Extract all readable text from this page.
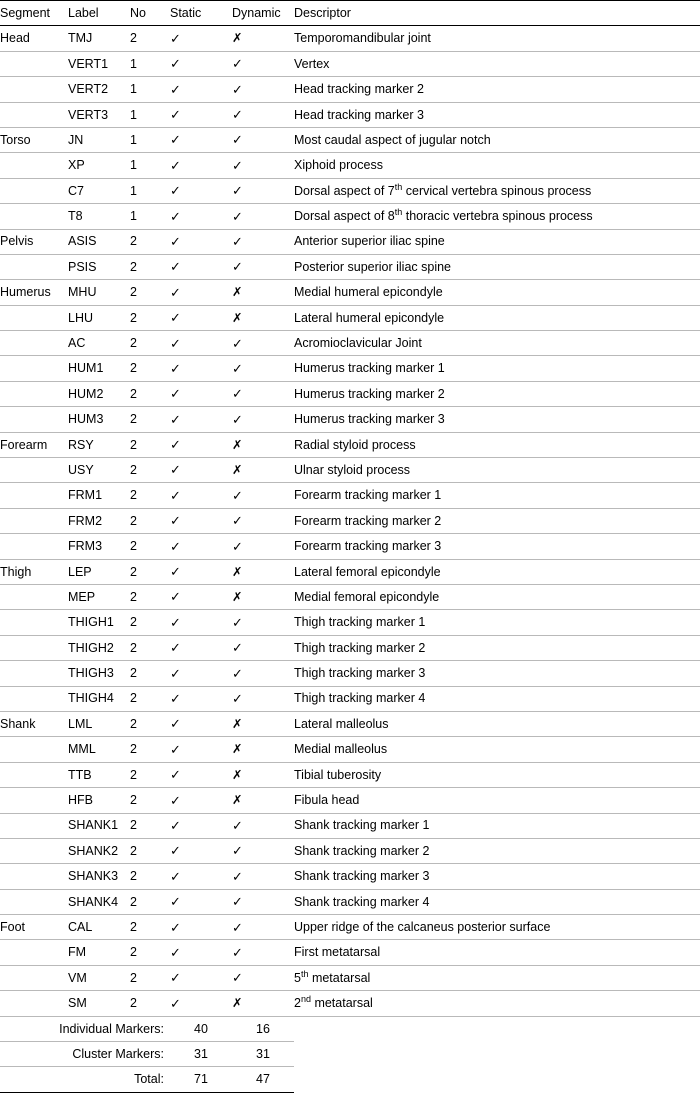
Segment	Label	No	Static	Dynamic	Descriptor
Head	TMJ	2	✓	✗	Temporomandibular joint
	VERT1	1	✓	✓	Vertex
	VERT2	1	✓	✓	Head tracking marker 2
	VERT3	1	✓	✓	Head tracking marker 3
Torso	JN	1	✓	✓	Most caudal aspect of jugular notch
	XP	1	✓	✓	Xiphoid process
	C7	1	✓	✓	Dorsal aspect of 7th cervical vertebra spinous process
	T8	1	✓	✓	Dorsal aspect of 8th thoracic vertebra spinous process
Pelvis	ASIS	2	✓	✓	Anterior superior iliac spine
	PSIS	2	✓	✓	Posterior superior iliac spine
Humerus	MHU	2	✓	✗	Medial humeral epicondyle
	LHU	2	✓	✗	Lateral humeral epicondyle
	AC	2	✓	✓	Acromioclavicular Joint
	HUM1	2	✓	✓	Humerus tracking marker 1
	HUM2	2	✓	✓	Humerus tracking marker 2
	HUM3	2	✓	✓	Humerus tracking marker 3
Forearm	RSY	2	✓	✗	Radial styloid process
	USY	2	✓	✗	Ulnar styloid process
	FRM1	2	✓	✓	Forearm tracking marker 1
	FRM2	2	✓	✓	Forearm tracking marker 2
	FRM3	2	✓	✓	Forearm tracking marker 3
Thigh	LEP	2	✓	✗	Lateral femoral epicondyle
	MEP	2	✓	✗	Medial femoral epicondyle
	THIGH1	2	✓	✓	Thigh tracking marker 1
	THIGH2	2	✓	✓	Thigh tracking marker 2
	THIGH3	2	✓	✓	Thigh tracking marker 3
	THIGH4	2	✓	✓	Thigh tracking marker 4
Shank	LML	2	✓	✗	Lateral malleolus
	MML	2	✓	✗	Medial malleolus
	TTB	2	✓	✗	Tibial tuberosity
	HFB	2	✓	✗	Fibula head
	SHANK1	2	✓	✓	Shank tracking marker 1
	SHANK2	2	✓	✓	Shank tracking marker 2
	SHANK3	2	✓	✓	Shank tracking marker 3
	SHANK4	2	✓	✓	Shank tracking marker 4
Foot	CAL	2	✓	✓	Upper ridge of the calcaneus posterior surface
	FM	2	✓	✓	First metatarsal
	VM	2	✓	✓	5th metatarsal
	SM	2	✓	✗	2nd metatarsal
Individual Markers:			40	16	
Cluster Markers:			31	31	
Total:			71	47	
